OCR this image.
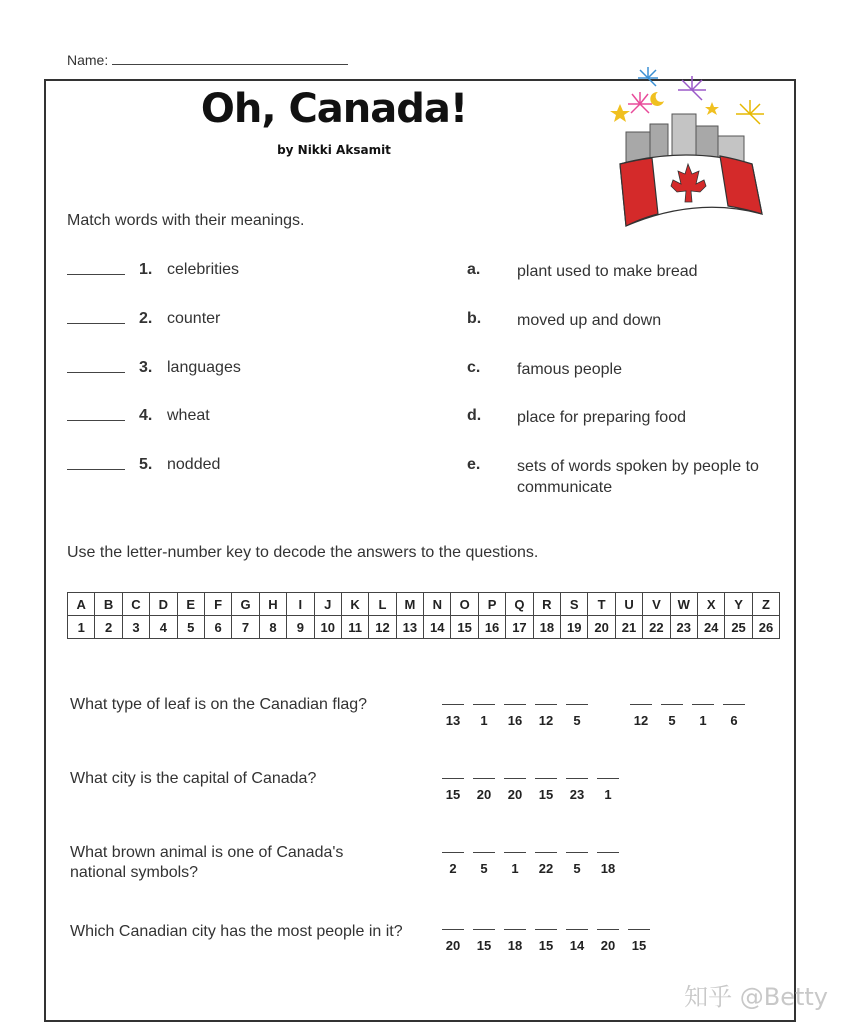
Name:
Oh, Canada!
by Nikki Aksamit
Match words with their meanings.
1. celebrities	a. plant used to make bread
2. counter	b. moved up and down
3. languages	c. famous people
4. wheat	d. place for preparing food
5. nodded	e. sets of words spoken by people to communicate
Use the letter-number key to decode the answers to the questions.
A	B	C	D	E	F	G	H	I	J	K	L	M	N	O	P	Q	R	S	T	U	V	W	X	Y	Z
1	2	3	4	5	6	7	8	9	10	11	12	13	14	15	16	17	18	19	20	21	22	23	24	25	26
What type of leaf is on the Canadian flag?
13	1	16	12	5	12	5	1	6
What city is the capital of Canada?
15	20	20	15	23	1
What brown animal is one of Canada's national symbols?	2	5	1	22	5	18
Which Canadian city has the most people in it?
20	15	18	15	14	20	15
知乎 @Betty
